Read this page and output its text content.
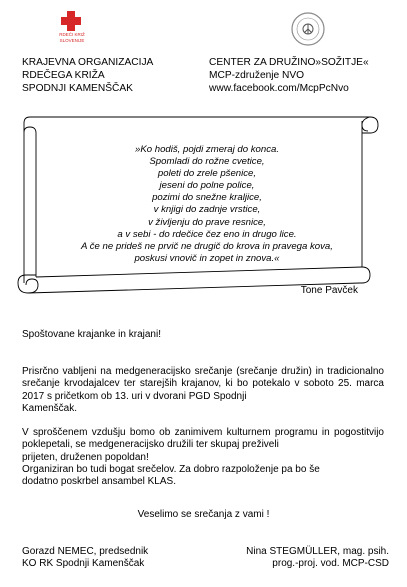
RDEČI KRIŽ
SLOVENIJE
KRAJEVNA ORGANIZACIJA
RDEČEGA KRIŽA
SPODNJI KAMENŠČAK
CENTER ZA DRUŽINO»SOŽITJE«
MCP-združenje NVO
www.facebook.com/McpPcNvo
»Ko hodiš, pojdi zmeraj do konca.
Spomladi do rožne cvetice,
poleti do zrele pšenice,
jeseni do polne police,
pozimi do snežne kraljice,
v knjigi do zadnje vrstice,
v življenju do prave resnice,
a v sebi - do rdečice čez eno in drugo lice.
A če ne prideš ne prvič ne drugič do krova in pravega kova,
poskusi vnovič in zopet in znova.«
Tone Pavček
Spoštovane krajanke in krajani!
Prisrčno vabljeni na medgeneracijsko srečanje (srečanje družin) in tradicionalno srečanje krvodajalcev ter starejših krajanov, ki bo potekalo v soboto 25. marca 2017 s pričetkom ob 13. uri v dvorani PGD Spodnji
Kamenščak.
V sproščenem vzdušju bomo ob zanimivem kulturnem programu in pogostitvijo poklepetali, se medgeneracijsko družili ter skupaj preživeli
prijeten, druženen popoldan!
Organiziran bo tudi bogat srečelov. Za dobro razpoloženje pa bo še
dodatno poskrbel ansambel KLAS.
Veselimo se srečanja z vami !
Gorazd NEMEC, predsednik
KO RK Spodnji Kamenščak
Nina STEGMÜLLER, mag. psih.
prog.-proj. vod. MCP-CSD
